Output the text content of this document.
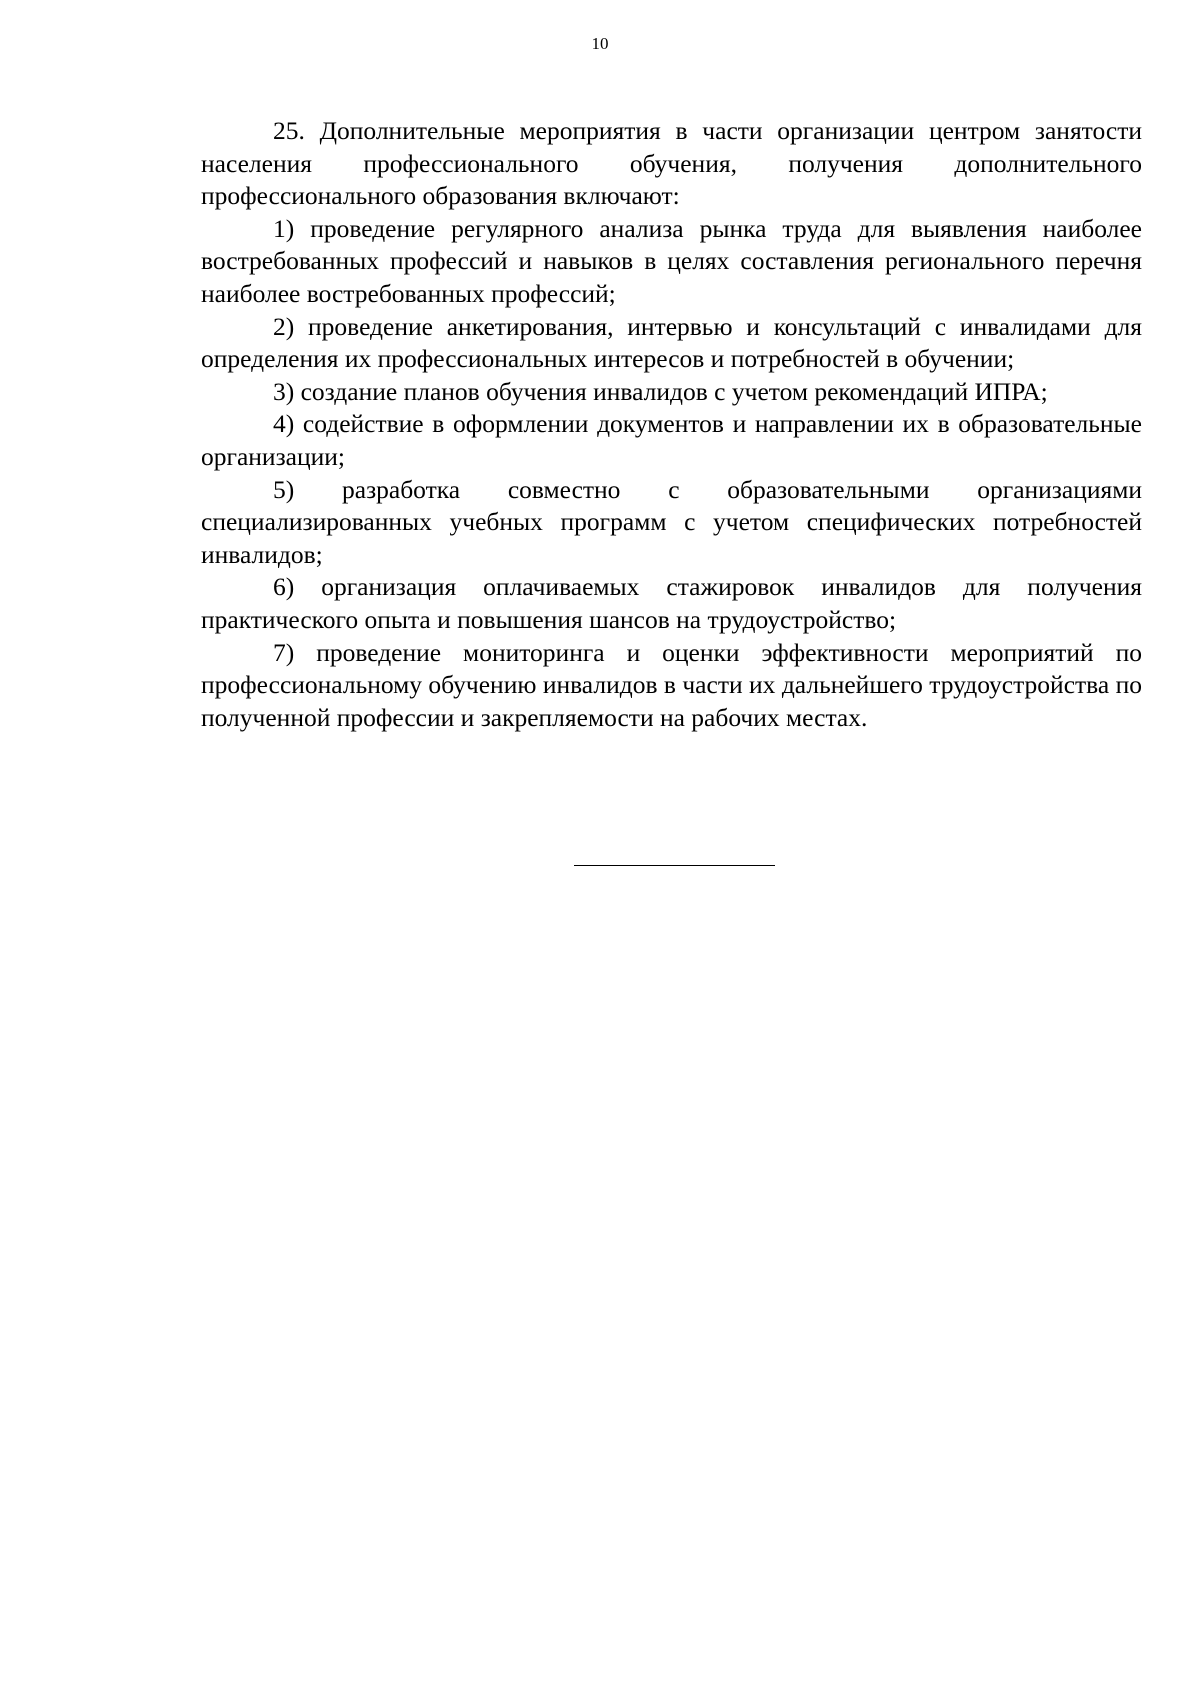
10

25. Дополнительные мероприятия в части организации центром занятости населения профессионального обучения, получения дополнительного профессионального образования включают:

1) проведение регулярного анализа рынка труда для выявления наиболее востребованных профессий и навыков в целях составления регионального перечня наиболее востребованных профессий;

2) проведение анкетирования, интервью и консультаций с инвалидами для определения их профессиональных интересов и потребностей в обучении;

3) создание планов обучения инвалидов с учетом рекомендаций ИПРА;

4) содействие в оформлении документов и направлении их в образовательные организации;

5) разработка совместно с образовательными организациями специализированных учебных программ с учетом специфических потребностей инвалидов;

6) организация оплачиваемых стажировок инвалидов для получения практического опыта и повышения шансов на трудоустройство;

7) проведение мониторинга и оценки эффективности мероприятий по профессиональному обучению инвалидов в части их дальнейшего трудоустройства по полученной профессии и закрепляемости на рабочих местах.
